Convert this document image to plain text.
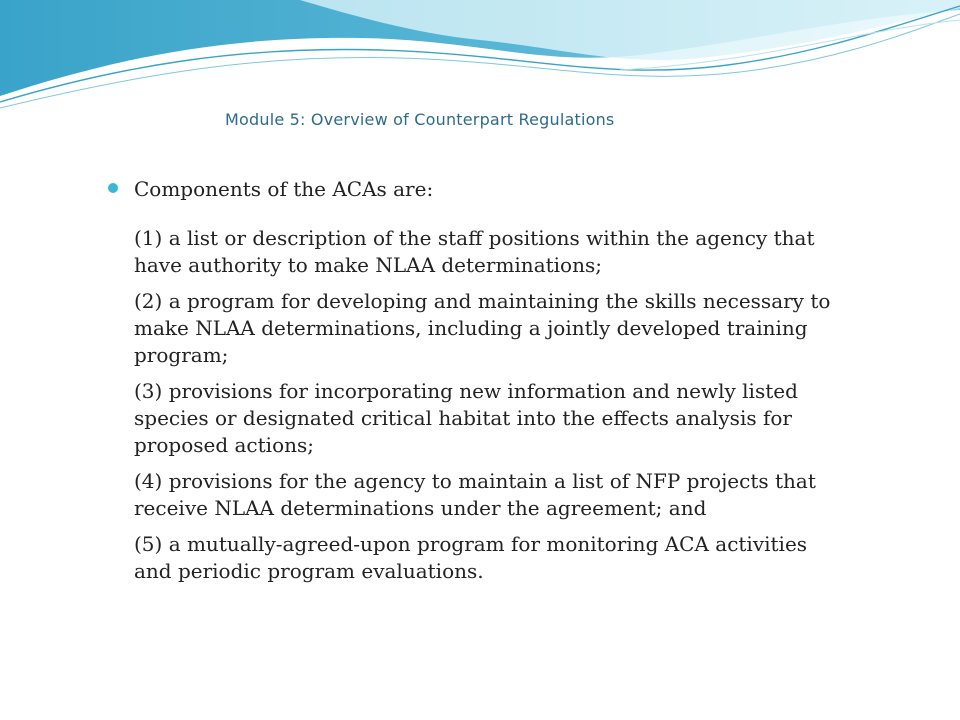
Module 5: Overview of Counterpart Regulations
Components of the ACAs are:
(1) a list or description of the staff positions within the agency that have authority to make NLAA determinations;
(2) a program for developing and maintaining the skills necessary to make NLAA determinations, including a jointly developed training program;
(3) provisions for incorporating new information and newly listed species or designated critical habitat into the effects analysis for proposed actions;
(4) provisions for the agency to maintain a list of NFP projects that receive NLAA determinations under the agreement; and
(5) a mutually-agreed-upon program for monitoring ACA activities and periodic program evaluations.
